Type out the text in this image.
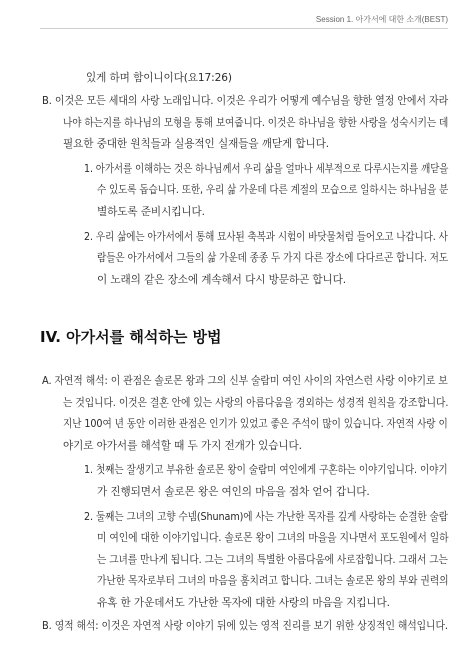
Session 1. 아가서에 대한 소개(BEST)
있게 하며 함이니이다(요17:26)
B. 이것은 모든 세대의 사랑 노래입니다. 이것은 우리가 어떻게 예수님을 향한 열정 안에서 자라
나야 하는지를 하나님의 모형을 통해 보여줍니다. 이것은 하나님을 향한 사랑을 성숙시키는 데
필요한 중대한 원칙들과 실용적인 실재들을 깨닫게 합니다.
1. 아가서를 이해하는 것은 하나님께서 우리 삶을 얼마나 세부적으로 다루시는지를 깨닫을
수 있도록 돕습니다. 또한, 우리 삶 가운데 다른 계절의 모습으로 일하시는 하나님을 분
별하도록 준비시킵니다.
2. 우리 삶에는 아가서에서 통해 묘사된 축복과 시험이 바닷물처럼 들어오고 나갑니다. 사
람들은 아가서에서 그들의 삶 가운데 종종 두 가지 다른 장소에 다다르곤 합니다. 저도
이 노래의 같은 장소에 계속해서 다시 방문하곤 합니다.
IV. 아가서를 해석하는 방법
A. 자연적 해석: 이 관점은 솔로몬 왕과 그의 신부 술람미 여인 사이의 자연스런 사랑 이야기로 보
는 것입니다. 이것은 결혼 안에 있는 사랑의 아름다움을 경외하는 성경적 원칙을 강조합니다.
지난 100여 년 동안 이러한 관점은 인기가 있었고 좋은 주석이 많이 있습니다. 자연적 사랑 이
야기로 아가서를 해석할 때 두 가지 전개가 있습니다.
1. 첫째는 잘생기고 부유한 솔로몬 왕이 술람미 여인에게 구혼하는 이야기입니다. 이야기
가 진행되면서 솔로몬 왕은 여인의 마음을 점차 얻어 갑니다.
2. 둘째는 그녀의 고향 수넴(Shunam)에 사는 가난한 목자를 깊게 사랑하는 순결한 술람
미 여인에 대한 이야기입니다. 솔로몬 왕이 그녀의 마을을 지나면서 포도원에서 일하
는 그녀를 만나게 됩니다. 그는 그녀의 특별한 아름다움에 사로잡힙니다. 그래서 그는
가난한 목자로부터 그녀의 마음을 훔치려고 합니다. 그녀는 솔로몬 왕의 부와 권력의
유혹 한 가운데서도 가난한 목자에 대한 사랑의 마음을 지킵니다.
B. 영적 해석: 이것은 자연적 사랑 이야기 뒤에 있는 영적 진리를 보기 위한 상징적인 해석입니다.
